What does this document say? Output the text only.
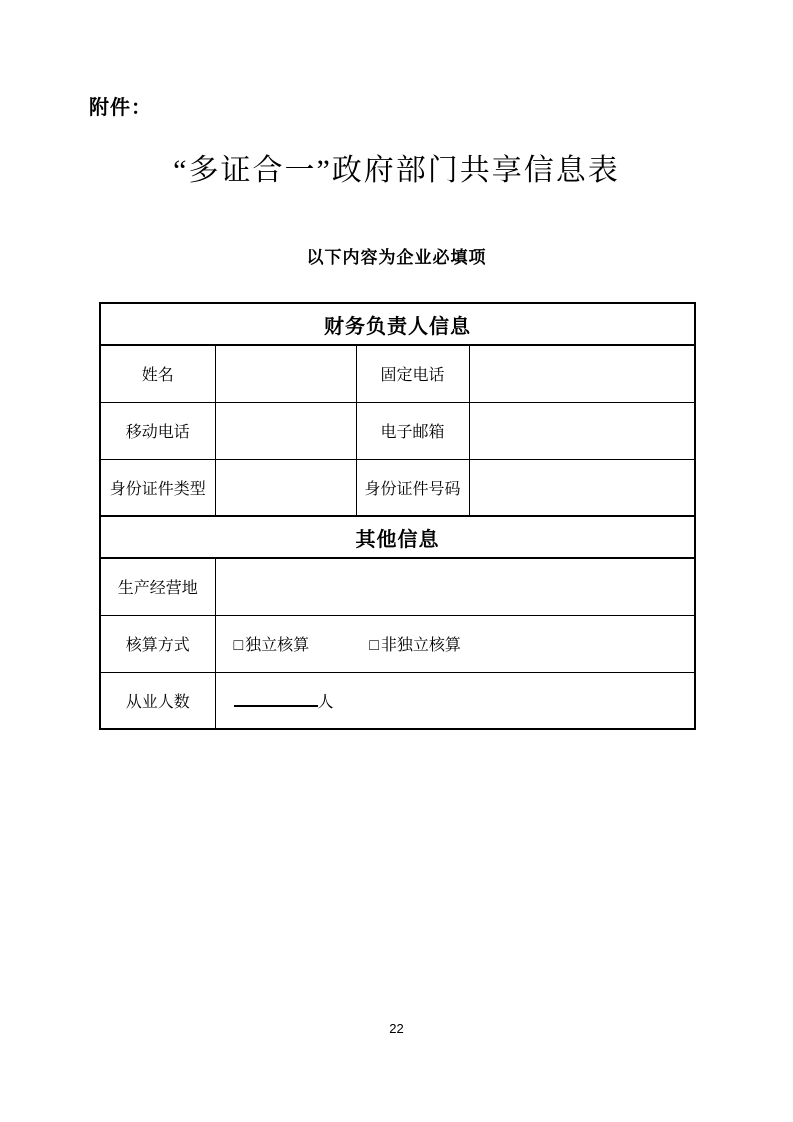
附件：
“多证合一”政府部门共享信息表
以下内容为企业必填项
财务负责人信息			
姓名		固定电话	
移动电话		电子邮箱	
身份证件类型		身份证件号码	
其他信息			
生产经营地			
核算方式	□ 独立核算 □ 非独立核算		
从业人数	人		
22
